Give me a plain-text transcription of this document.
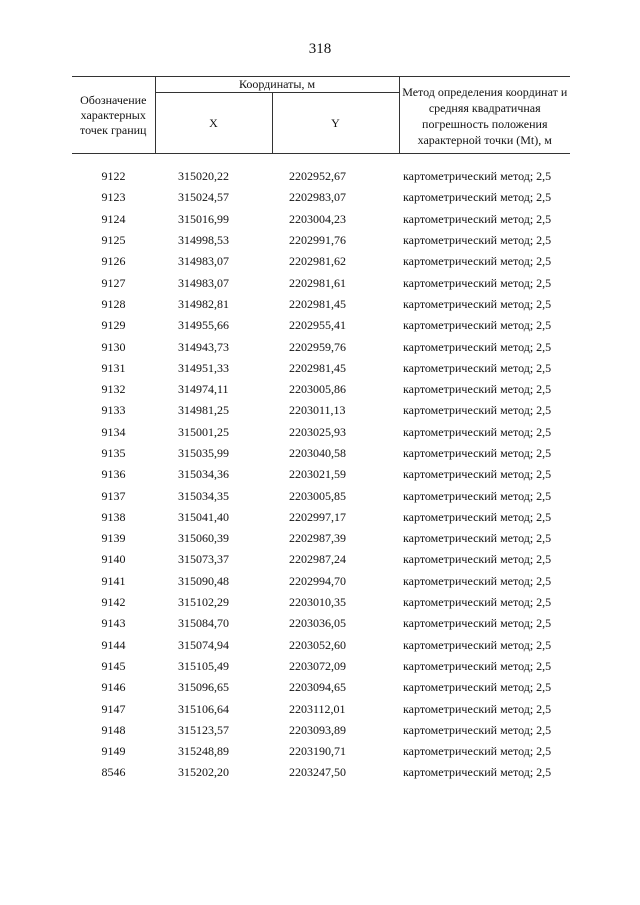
318
Обозначение характерных точек границ	Координаты, м		Метод определения координат и средняя квадратичная погрешность положения характерной точки (Mt), м
	X	Y	
9122	315020,22	2202952,67	картометрический метод; 2,5
9123	315024,57	2202983,07	картометрический метод; 2,5
9124	315016,99	2203004,23	картометрический метод; 2,5
9125	314998,53	2202991,76	картометрический метод; 2,5
9126	314983,07	2202981,62	картометрический метод; 2,5
9127	314983,07	2202981,61	картометрический метод; 2,5
9128	314982,81	2202981,45	картометрический метод; 2,5
9129	314955,66	2202955,41	картометрический метод; 2,5
9130	314943,73	2202959,76	картометрический метод; 2,5
9131	314951,33	2202981,45	картометрический метод; 2,5
9132	314974,11	2203005,86	картометрический метод; 2,5
9133	314981,25	2203011,13	картометрический метод; 2,5
9134	315001,25	2203025,93	картометрический метод; 2,5
9135	315035,99	2203040,58	картометрический метод; 2,5
9136	315034,36	2203021,59	картометрический метод; 2,5
9137	315034,35	2203005,85	картометрический метод; 2,5
9138	315041,40	2202997,17	картометрический метод; 2,5
9139	315060,39	2202987,39	картометрический метод; 2,5
9140	315073,37	2202987,24	картометрический метод; 2,5
9141	315090,48	2202994,70	картометрический метод; 2,5
9142	315102,29	2203010,35	картометрический метод; 2,5
9143	315084,70	2203036,05	картометрический метод; 2,5
9144	315074,94	2203052,60	картометрический метод; 2,5
9145	315105,49	2203072,09	картометрический метод; 2,5
9146	315096,65	2203094,65	картометрический метод; 2,5
9147	315106,64	2203112,01	картометрический метод; 2,5
9148	315123,57	2203093,89	картометрический метод; 2,5
9149	315248,89	2203190,71	картометрический метод; 2,5
8546	315202,20	2203247,50	картометрический метод; 2,5
